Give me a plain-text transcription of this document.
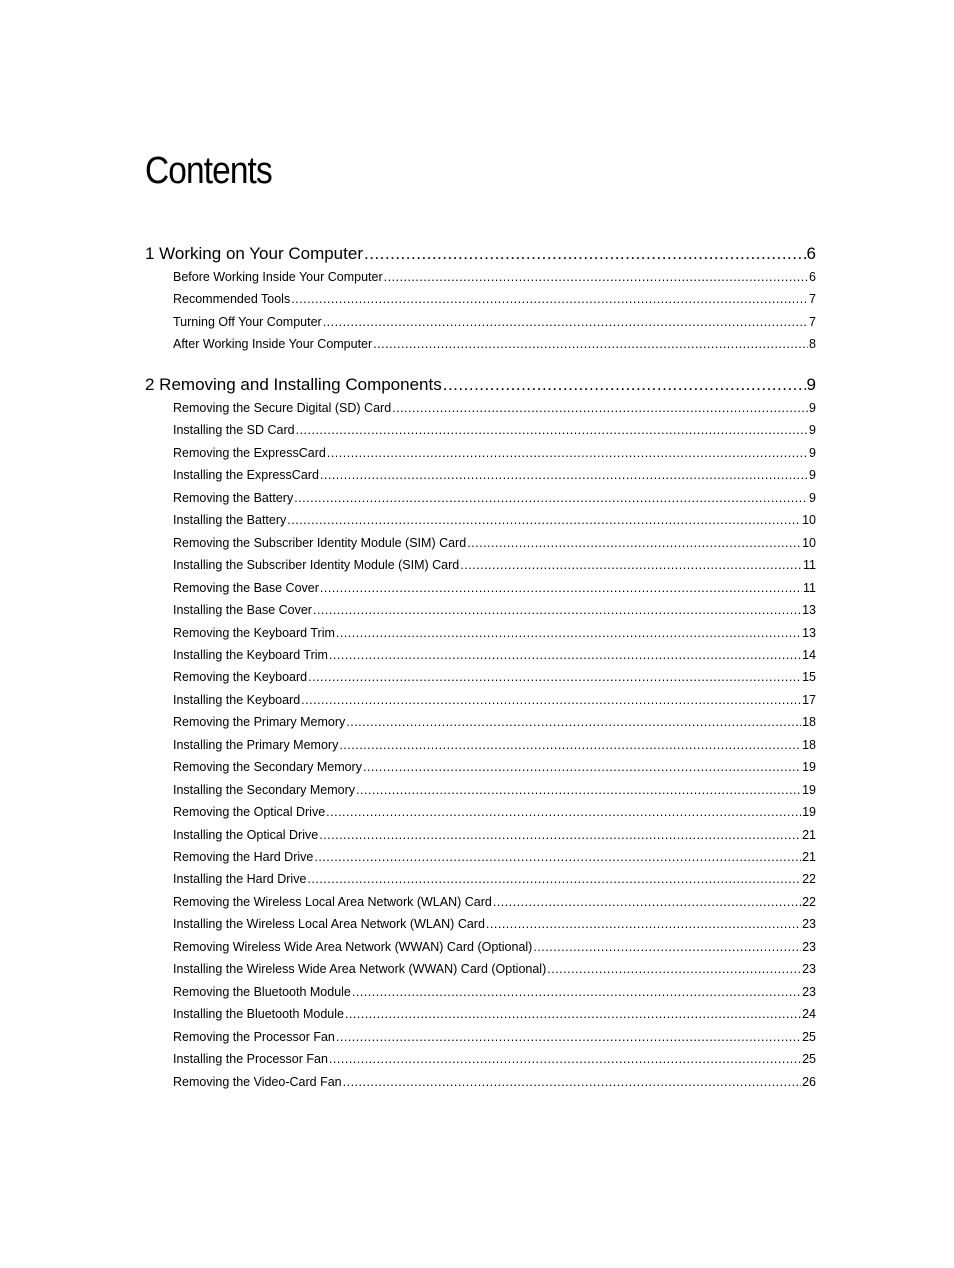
Contents
1 Working on Your Computer .....	6
Before Working Inside Your Computer .....	6
Recommended Tools .....	7
Turning Off Your Computer .....	7
After Working Inside Your Computer .....	8
2 Removing and Installing Components .....	9
Removing the Secure Digital (SD) Card .....	9
Installing the SD Card .....	9
Removing the ExpressCard .....	9
Installing the ExpressCard .....	9
Removing the Battery .....	9
Installing the Battery .....	10
Removing the Subscriber Identity Module (SIM) Card .....	10
Installing the Subscriber Identity Module (SIM) Card .....	11
Removing the Base Cover .....	11
Installing the Base Cover .....	13
Removing the Keyboard Trim .....	13
Installing the Keyboard Trim .....	14
Removing the Keyboard .....	15
Installing the Keyboard .....	17
Removing the Primary Memory .....	18
Installing the Primary Memory .....	18
Removing the Secondary Memory .....	19
Installing the Secondary Memory .....	19
Removing the Optical Drive .....	19
Installing the Optical Drive .....	21
Removing the Hard Drive .....	21
Installing the Hard Drive .....	22
Removing the Wireless Local Area Network (WLAN) Card .....	22
Installing the Wireless Local Area Network (WLAN) Card .....	23
Removing Wireless Wide Area Network (WWAN) Card (Optional) .....	23
Installing the Wireless Wide Area Network (WWAN) Card (Optional) .....	23
Removing the Bluetooth Module .....	23
Installing the Bluetooth Module .....	24
Removing the Processor Fan .....	25
Installing the Processor Fan .....	25
Removing the Video-Card Fan .....	26
